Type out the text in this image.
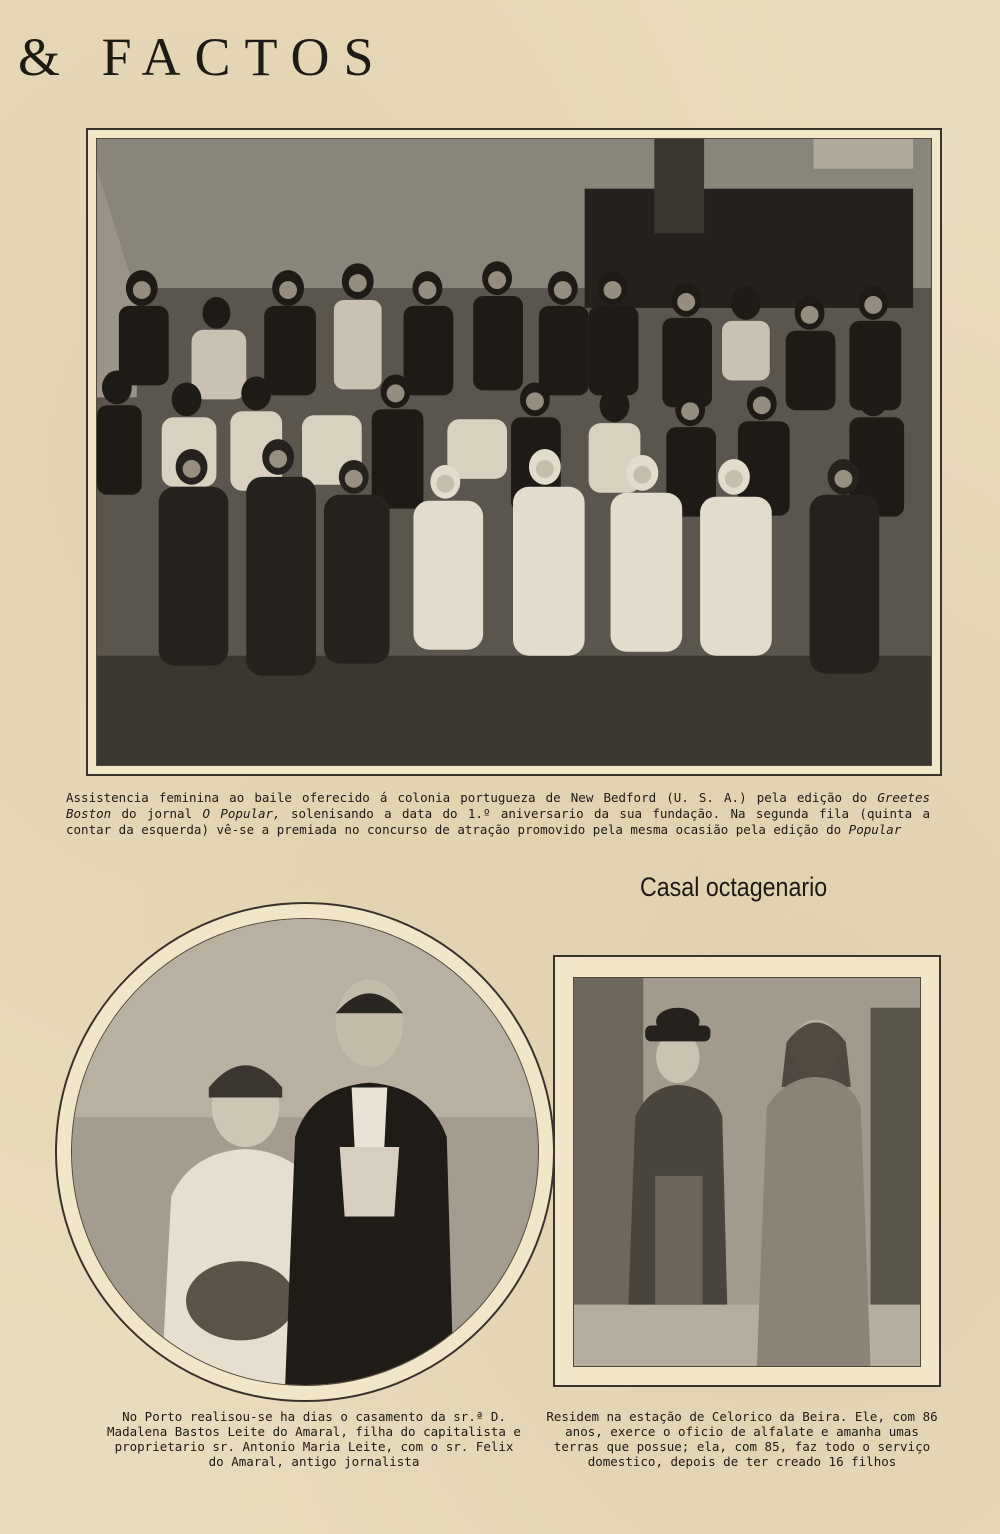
& FACTOS

Assistencia feminina ao baile oferecido á colonia portugueza de New Bedford (U. S. A.) pela edição do Greetes Boston do jornal O Popular, solenisando a data do 1.º aniversario da sua fundação. Na segunda fila (quinta a contar da esquerda) vê-se a premiada no concurso de atração promovido pela mesma ocasião pela edição do Popular

Casal octagenario

No Porto realisou-se ha dias o casamento da sr.ª D. Madalena Bastos Leite do Amaral, filha do capitalista e proprietario sr. Antonio Maria Leite, com o sr. Felix do Amaral, antigo jornalista

Residem na estação de Celorico da Beira. Ele, com 86 anos, exerce o oficio de alfalate e amanha umas terras que possue; ela, com 85, faz todo o serviço domestico, depois de ter creado 16 filhos
